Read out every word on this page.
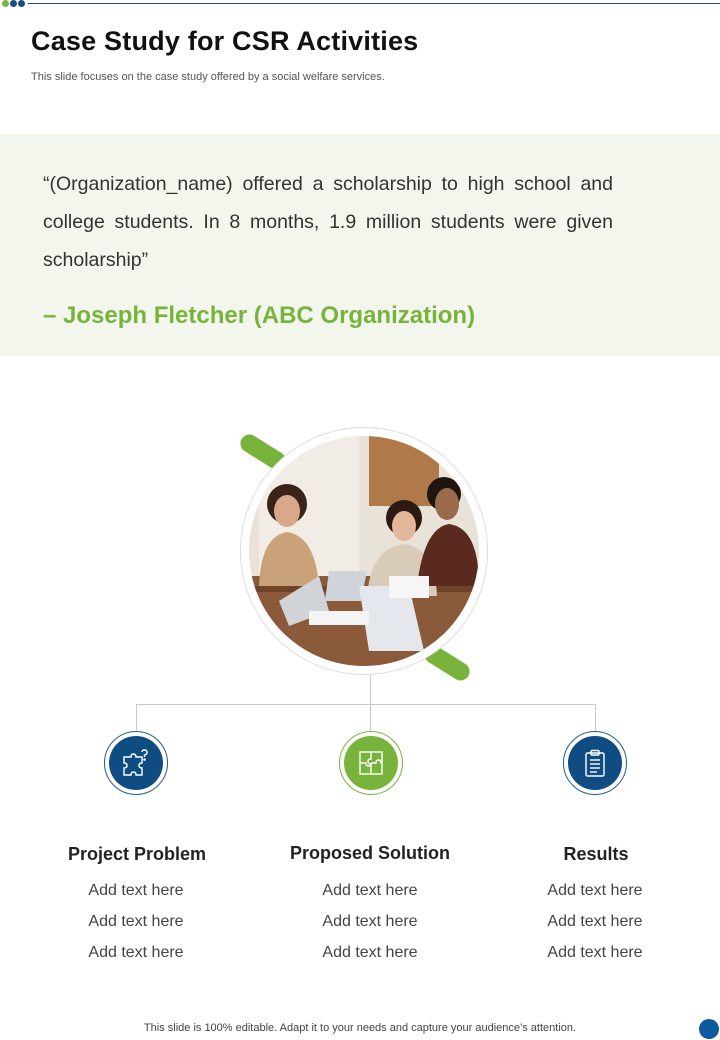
Case Study for CSR Activities
This slide focuses on the case study offered by a social welfare services.
“(Organization_name) offered a scholarship to high school and college students. In 8 months, 1.9 million students were given scholarship”
– Joseph Fletcher (ABC Organization)
Project Problem	Proposed Solution	Results
Add text here
Add text here
Add text here
Add text here
Add text here
Add text here
Add text here
Add text here
Add text here
This slide is 100% editable. Adapt it to your needs and capture your audience’s attention.
